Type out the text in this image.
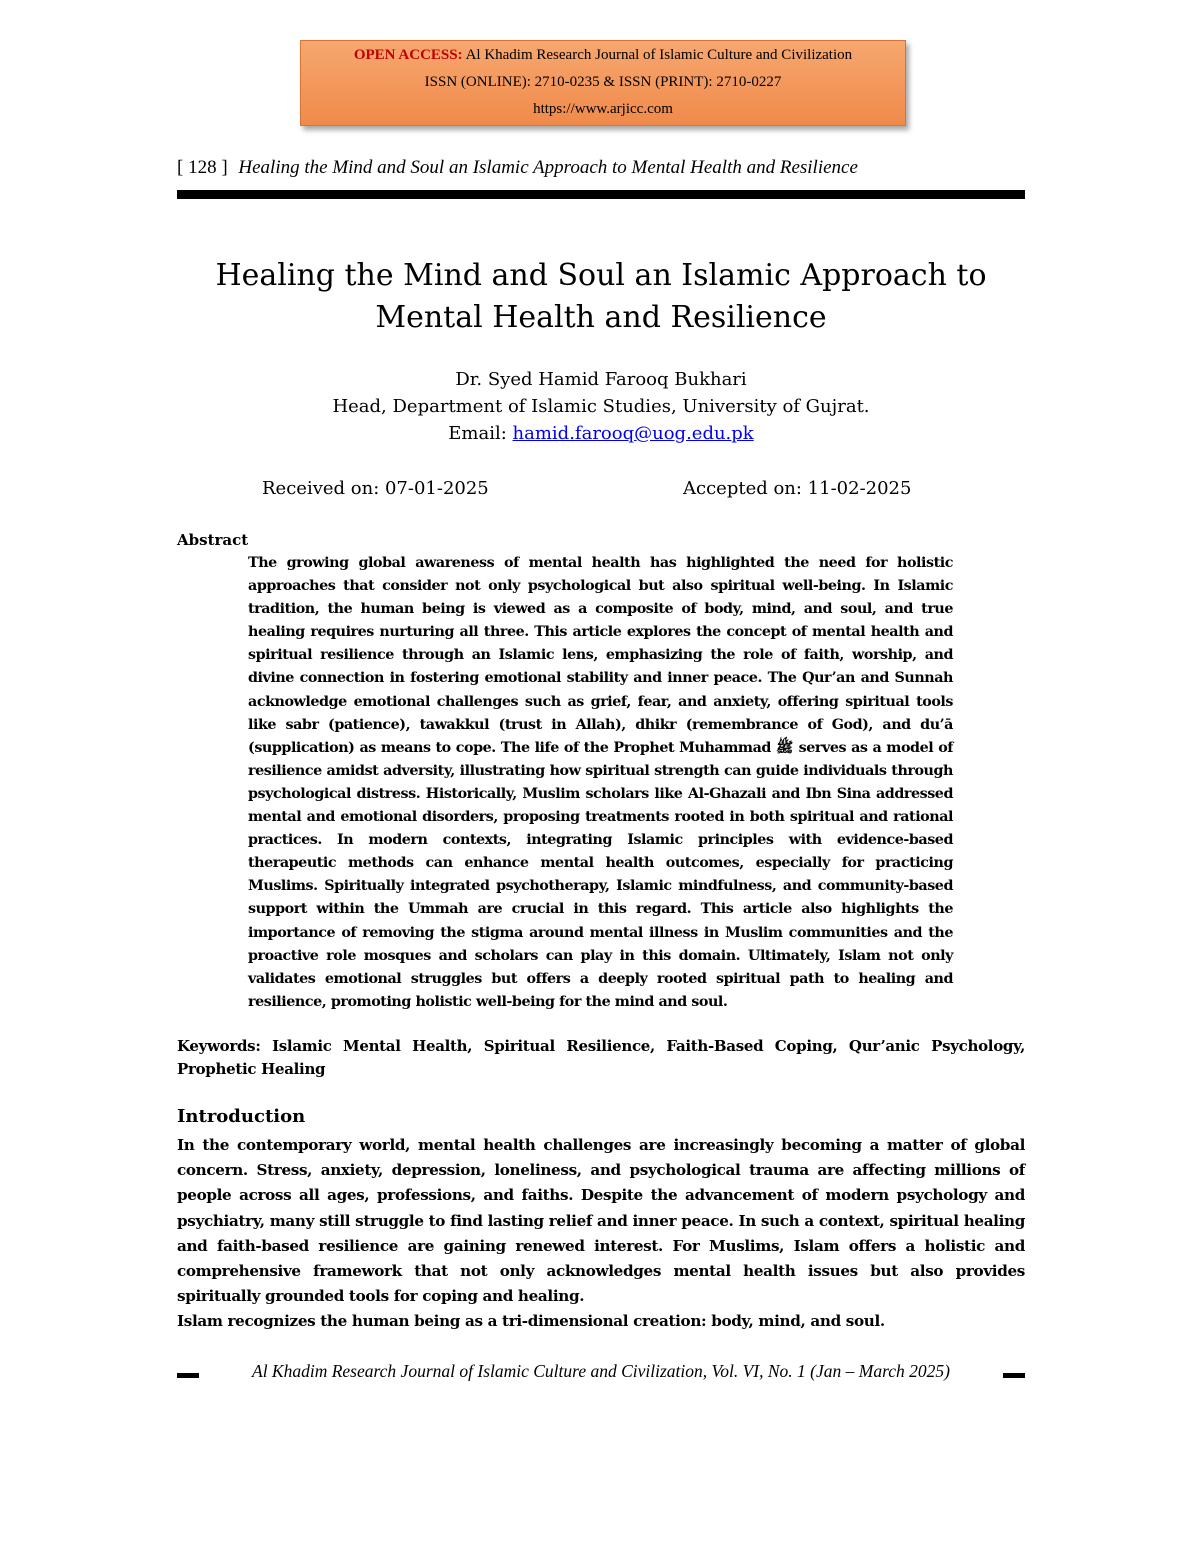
OPEN ACCESS: Al Khadim Research Journal of Islamic Culture and Civilization
ISSN (ONLINE): 2710-0235 & ISSN (PRINT): 2710-0227
https://www.arjicc.com
[ 128 ] Healing the Mind and Soul an Islamic Approach to Mental Health and Resilience
Healing the Mind and Soul an Islamic Approach to Mental Health and Resilience
Dr. Syed Hamid Farooq Bukhari
Head, Department of Islamic Studies, University of Gujrat.
Email: hamid.farooq@uog.edu.pk
Received on: 07-01-2025	Accepted on: 11-02-2025
Abstract
The growing global awareness of mental health has highlighted the need for holistic approaches that consider not only psychological but also spiritual well-being. In Islamic tradition, the human being is viewed as a composite of body, mind, and soul, and true healing requires nurturing all three. This article explores the concept of mental health and spiritual resilience through an Islamic lens, emphasizing the role of faith, worship, and divine connection in fostering emotional stability and inner peace. The Qur’an and Sunnah acknowledge emotional challenges such as grief, fear, and anxiety, offering spiritual tools like sabr (patience), tawakkul (trust in Allah), dhikr (remembrance of God), and du’ā (supplication) as means to cope. The life of the Prophet Muhammad ﷺ serves as a model of resilience amidst adversity, illustrating how spiritual strength can guide individuals through psychological distress. Historically, Muslim scholars like Al-Ghazali and Ibn Sina addressed mental and emotional disorders, proposing treatments rooted in both spiritual and rational practices. In modern contexts, integrating Islamic principles with evidence-based therapeutic methods can enhance mental health outcomes, especially for practicing Muslims. Spiritually integrated psychotherapy, Islamic mindfulness, and community-based support within the Ummah are crucial in this regard. This article also highlights the importance of removing the stigma around mental illness in Muslim communities and the proactive role mosques and scholars can play in this domain. Ultimately, Islam not only validates emotional struggles but offers a deeply rooted spiritual path to healing and resilience, promoting holistic well-being for the mind and soul.
Keywords: Islamic Mental Health, Spiritual Resilience, Faith-Based Coping, Qur’anic Psychology, Prophetic Healing
Introduction

In the contemporary world, mental health challenges are increasingly becoming a matter of global concern. Stress, anxiety, depression, loneliness, and psychological trauma are affecting millions of people across all ages, professions, and faiths. Despite the advancement of modern psychology and psychiatry, many still struggle to find lasting relief and inner peace. In such a context, spiritual healing and faith-based resilience are gaining renewed interest. For Muslims, Islam offers a holistic and comprehensive framework that not only acknowledges mental health issues but also provides spiritually grounded tools for coping and healing.

Islam recognizes the human being as a tri-dimensional creation: body, mind, and soul.

Al Khadim Research Journal of Islamic Culture and Civilization, Vol. VI, No. 1 (Jan – March 2025)
